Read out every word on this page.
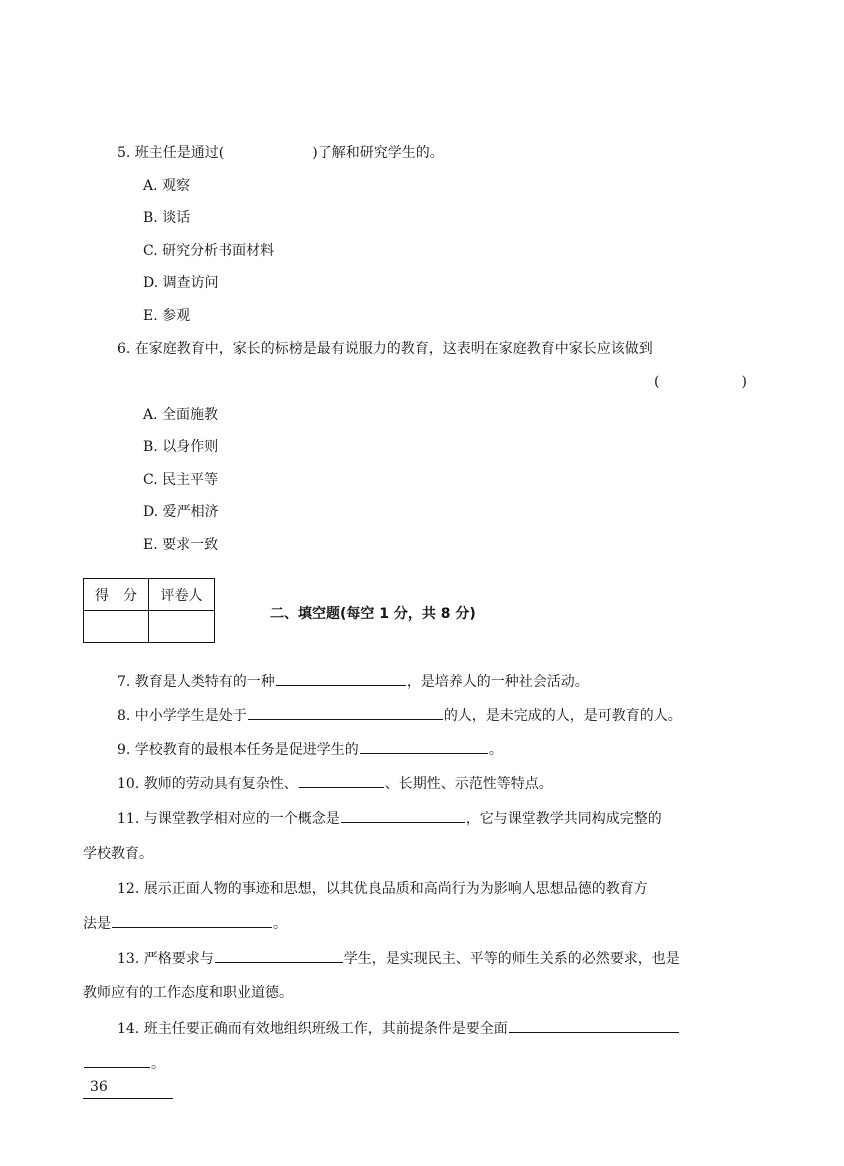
5. 班主任是通过(	)了解和研究学生的。
A. 观察
B. 谈话
C. 研究分析书面材料
D. 调查访问
E. 参观
6. 在家庭教育中，家长的标榜是最有说服力的教育，这表明在家庭教育中家长应该做到
(	)
A. 全面施教
B. 以身作则
C. 民主平等
D. 爱严相济
E. 要求一致
得　分	评卷人

二、填空题(每空 1 分，共 8 分)
7. 教育是人类特有的一种	，是培养人的一种社会活动。
8. 中小学学生是处于	的人，是未完成的人，是可教育的人。
9. 学校教育的最根本任务是促进学生的	。
10. 教师的劳动具有复杂性、	、长期性、示范性等特点。
11. 与课堂教学相对应的一个概念是	，它与课堂教学共同构成完整的
学校教育。
12. 展示正面人物的事迹和思想，以其优良品质和高尚行为为影响人思想品德的教育方
法是	。
13. 严格要求与	学生，是实现民主、平等的师生关系的必然要求，也是
教师应有的工作态度和职业道德。
14. 班主任要正确而有效地组织班级工作，其前提条件是要全面
。
36
